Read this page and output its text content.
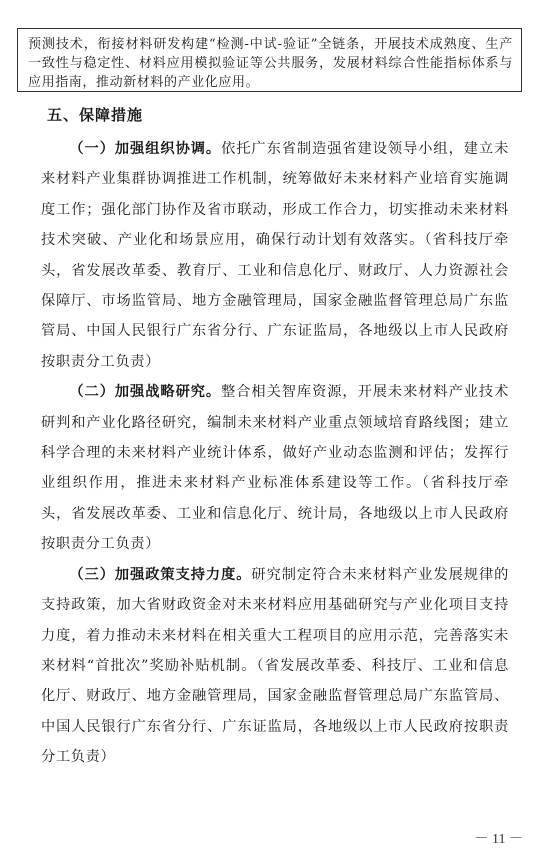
预测技术，衔接材料研发构建“检测-中试-验证”全链条，开展技术成熟度、生产一致性与稳定性、材料应用模拟验证等公共服务，发展材料综合性能指标体系与应用指南，推动新材料的产业化应用。
五、保障措施

（一）加强组织协调。依托广东省制造强省建设领导小组，建立未来材料产业集群协调推进工作机制，统筹做好未来材料产业培育实施调度工作；强化部门协作及省市联动，形成工作合力，切实推动未来材料技术突破、产业化和场景应用，确保行动计划有效落实。（省科技厅牵头，省发展改革委、教育厅、工业和信息化厅、财政厅、人力资源社会保障厅、市场监管局、地方金融管理局，国家金融监督管理总局广东监管局、中国人民银行广东省分行、广东证监局，各地级以上市人民政府按职责分工负责）

（二）加强战略研究。整合相关智库资源，开展未来材料产业技术研判和产业化路径研究，编制未来材料产业重点领域培育路线图；建立科学合理的未来材料产业统计体系，做好产业动态监测和评估；发挥行业组织作用，推进未来材料产业标准体系建设等工作。（省科技厅牵头，省发展改革委、工业和信息化厅、统计局，各地级以上市人民政府按职责分工负责）

（三）加强政策支持力度。研究制定符合未来材料产业发展规律的支持政策，加大省财政资金对未来材料应用基础研究与产业化项目支持力度，着力推动未来材料在相关重大工程项目的应用示范，完善落实未来材料“首批次”奖励补贴机制。（省发展改革委、科技厅、工业和信息化厅、财政厅、地方金融管理局，国家金融监督管理总局广东监管局、中国人民银行广东省分行、广东证监局，各地级以上市人民政府按职责分工负责）

－ 11 －
